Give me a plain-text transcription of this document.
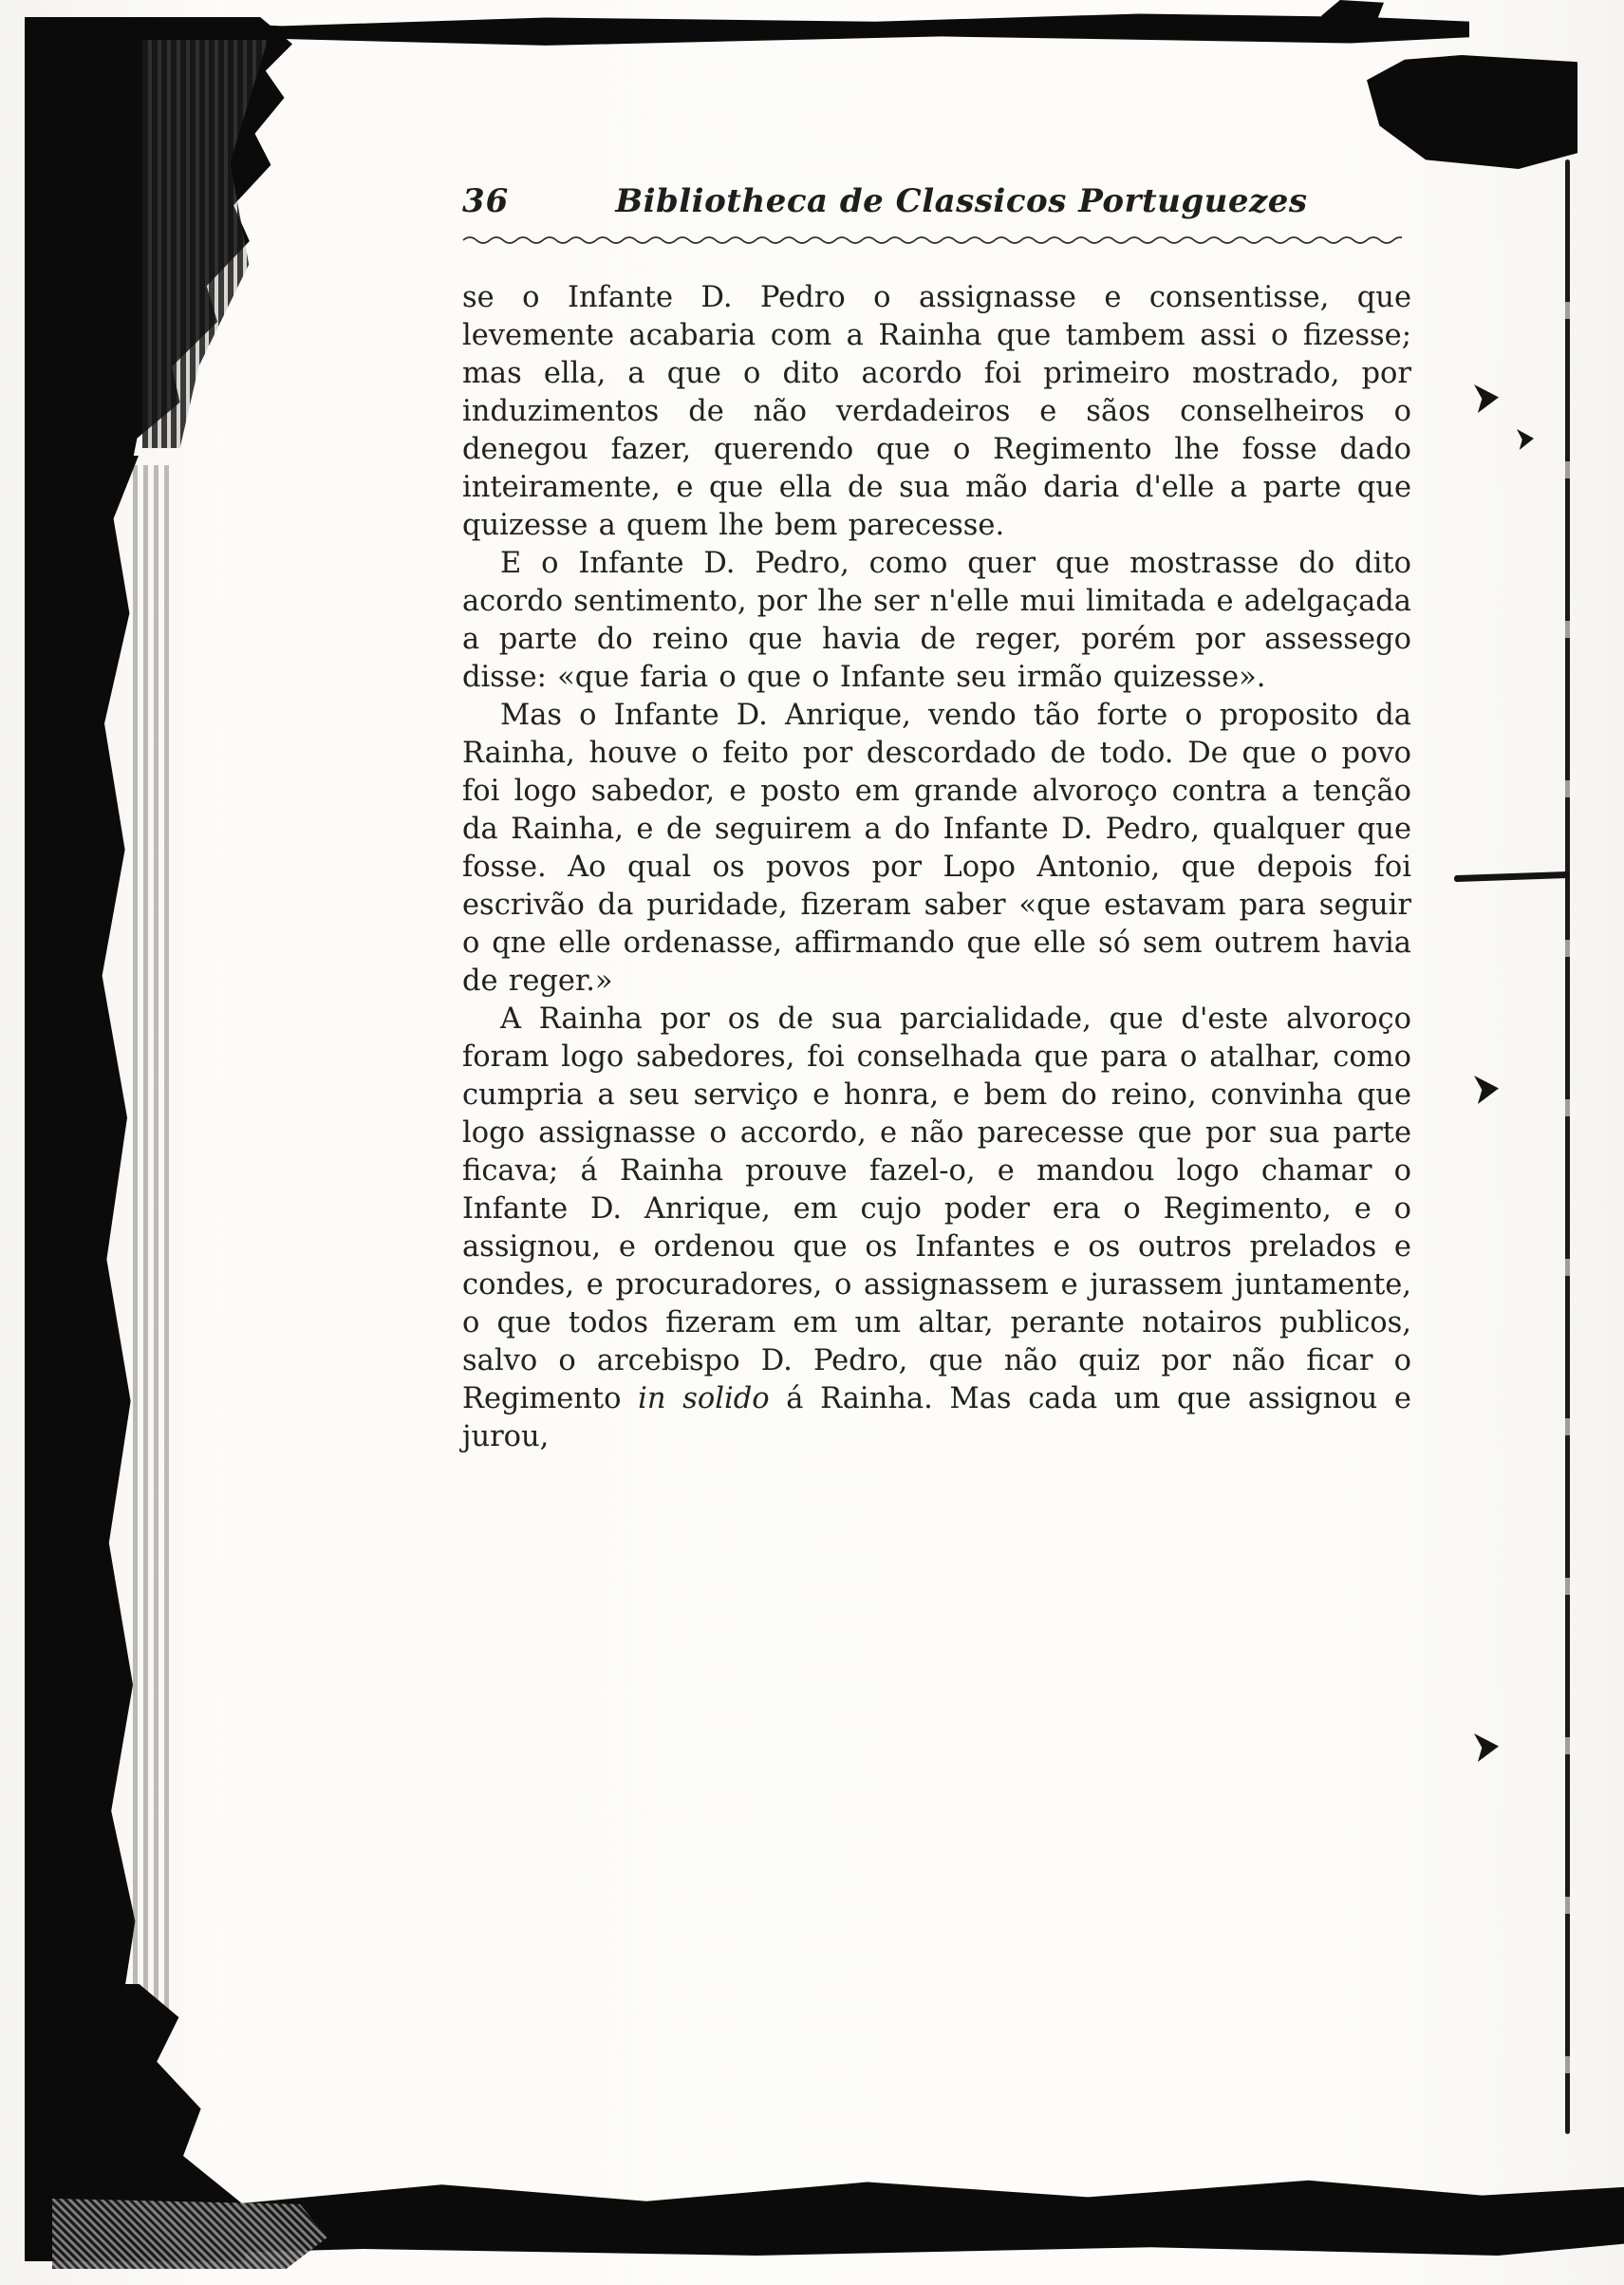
36	Bibliotheca de Classicos Portuguezes

se o Infante D. Pedro o assignasse e consentisse, que levemente acabaria com a Rainha que tambem assi o fizesse; mas ella, a que o dito acordo foi primeiro mostrado, por induzimentos de não verdadeiros e sãos conselheiros o denegou fazer, querendo que o Regimento lhe fosse dado inteiramente, e que ella de sua mão daria d'elle a parte que quizesse a quem lhe bem parecesse.

E o Infante D. Pedro, como quer que mostrasse do dito acordo sentimento, por lhe ser n'elle mui limitada e adelgaçada a parte do reino que havia de reger, porém por assessego disse: «que faria o que o Infante seu irmão quizesse».

Mas o Infante D. Anrique, vendo tão forte o proposito da Rainha, houve o feito por descordado de todo. De que o povo foi logo sabedor, e posto em grande alvoroço contra a tenção da Rainha, e de seguirem a do Infante D. Pedro, qualquer que fosse. Ao qual os povos por Lopo Antonio, que depois foi escrivão da puridade, fizeram saber «que estavam para seguir o qne elle ordenasse, affirmando que elle só sem outrem havia de reger.»

A Rainha por os de sua parcialidade, que d'este alvoroço foram logo sabedores, foi conselhada que para o atalhar, como cumpria a seu serviço e honra, e bem do reino, convinha que logo assignasse o accordo, e não parecesse que por sua parte ficava; á Rainha prouve fazel-o, e mandou logo chamar o Infante D. Anrique, em cujo poder era o Regimento, e o assignou, e ordenou que os Infantes e os outros prelados e condes, e procuradores, o assignassem e jurassem juntamente, o que todos fizeram em um altar, perante notairos publicos, salvo o arcebispo D. Pedro, que não quiz por não ficar o Regimento in solido á Rainha. Mas cada um que assignou e jurou,
